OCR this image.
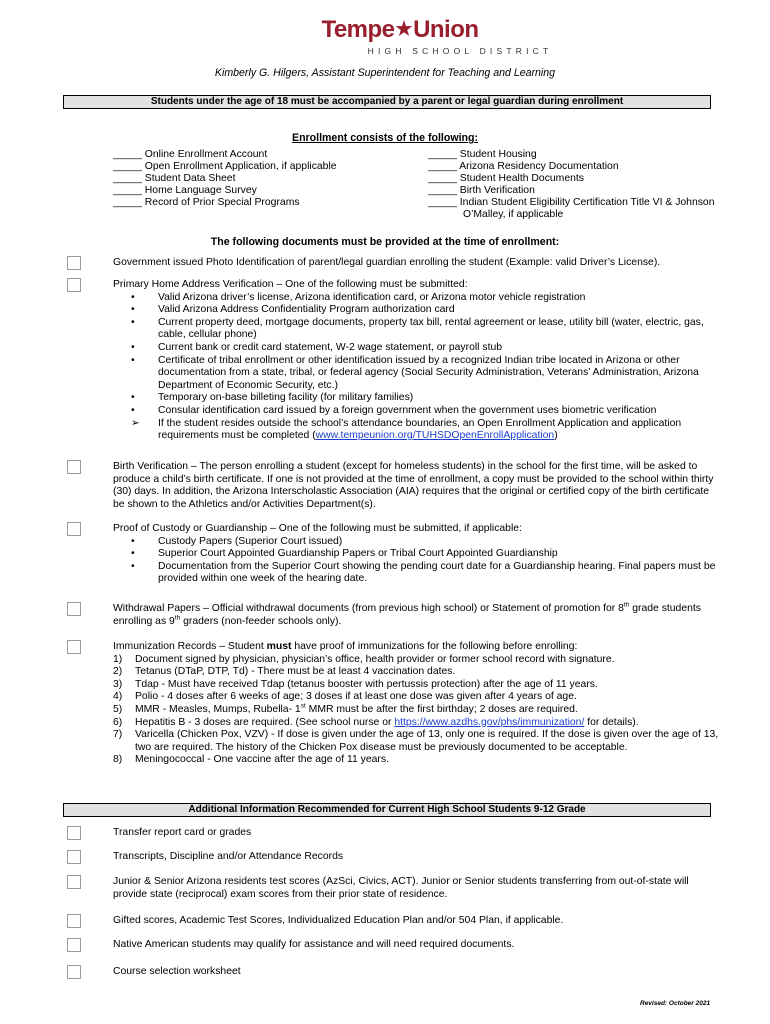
Tempe★Union
HIGH SCHOOL DISTRICT
Kimberly G. Hilgers, Assistant Superintendent for Teaching and Learning
Students under the age of 18 must be accompanied by a parent or legal guardian during enrollment
Enrollment consists of the following:
_____ Online Enrollment Account
_____ Open Enrollment Application, if applicable
_____ Student Data Sheet
_____ Home Language Survey
_____ Record of Prior Special Programs
_____ Student Housing
_____ Arizona Residency Documentation
_____ Student Health Documents
_____ Birth Verification
_____ Indian Student Eligibility Certification Title VI & Johnson
O’Malley, if applicable
The following documents must be provided at the time of enrollment:
Government issued Photo Identification of parent/legal guardian enrolling the student (Example: valid Driver’s License).
Primary Home Address Verification – One of the following must be submitted:
• Valid Arizona driver’s license, Arizona identification card, or Arizona motor vehicle registration
• Valid Arizona Address Confidentiality Program authorization card
• Current property deed, mortgage documents, property tax bill, rental agreement or lease, utility bill (water, electric, gas, cable, cellular phone)
• Current bank or credit card statement, W-2 wage statement, or payroll stub
• Certificate of tribal enrollment or other identification issued by a recognized Indian tribe located in Arizona or other documentation from a state, tribal, or federal agency (Social Security Administration, Veterans’ Administration, Arizona Department of Economic Security, etc.)
• Temporary on-base billeting facility (for military families)
• Consular identification card issued by a foreign government when the government uses biometric verification
➢ If the student resides outside the school’s attendance boundaries, an Open Enrollment Application and application requirements must be completed (www.tempeunion.org/TUHSDOpenEnrollApplication)
Birth Verification – The person enrolling a student (except for homeless students) in the school for the first time, will be asked to produce a child’s birth certificate. If one is not provided at the time of enrollment, a copy must be provided to the school within thirty (30) days. In addition, the Arizona Interscholastic Association (AIA) requires that the original or certified copy of the birth certificate be shown to the Athletics and/or Activities Department(s).
Proof of Custody or Guardianship – One of the following must be submitted, if applicable:
• Custody Papers (Superior Court issued)
• Superior Court Appointed Guardianship Papers or Tribal Court Appointed Guardianship
• Documentation from the Superior Court showing the pending court date for a Guardianship hearing. Final papers must be provided within one week of the hearing date.
Withdrawal Papers – Official withdrawal documents (from previous high school) or Statement of promotion for 8th grade students enrolling as 9th graders (non-feeder schools only).
Immunization Records – Student must have proof of immunizations for the following before enrolling:
1) Document signed by physician, physician’s office, health provider or former school record with signature.
2) Tetanus (DTaP, DTP, Td) - There must be at least 4 vaccination dates.
3) Tdap - Must have received Tdap (tetanus booster with pertussis protection) after the age of 11 years.
4) Polio - 4 doses after 6 weeks of age; 3 doses if at least one dose was given after 4 years of age.
5) MMR - Measles, Mumps, Rubella- 1st MMR must be after the first birthday; 2 doses are required.
6) Hepatitis B - 3 doses are required. (See school nurse or https://www.azdhs.gov/phs/immunization/ for details).
7) Varicella (Chicken Pox, VZV) - If dose is given under the age of 13, only one is required. If the dose is given over the age of 13, two are required. The history of the Chicken Pox disease must be previously documented to be acceptable.
8) Meningococcal - One vaccine after the age of 11 years.
Additional Information Recommended for Current High School Students 9-12 Grade
Transfer report card or grades
Transcripts, Discipline and/or Attendance Records
Junior & Senior Arizona residents test scores (AzSci, Civics, ACT). Junior or Senior students transferring from out-of-state will provide state (reciprocal) exam scores from their prior state of residence.
Gifted scores, Academic Test Scores, Individualized Education Plan and/or 504 Plan, if applicable.
Native American students may qualify for assistance and will need required documents.
Course selection worksheet
Revised: October 2021
